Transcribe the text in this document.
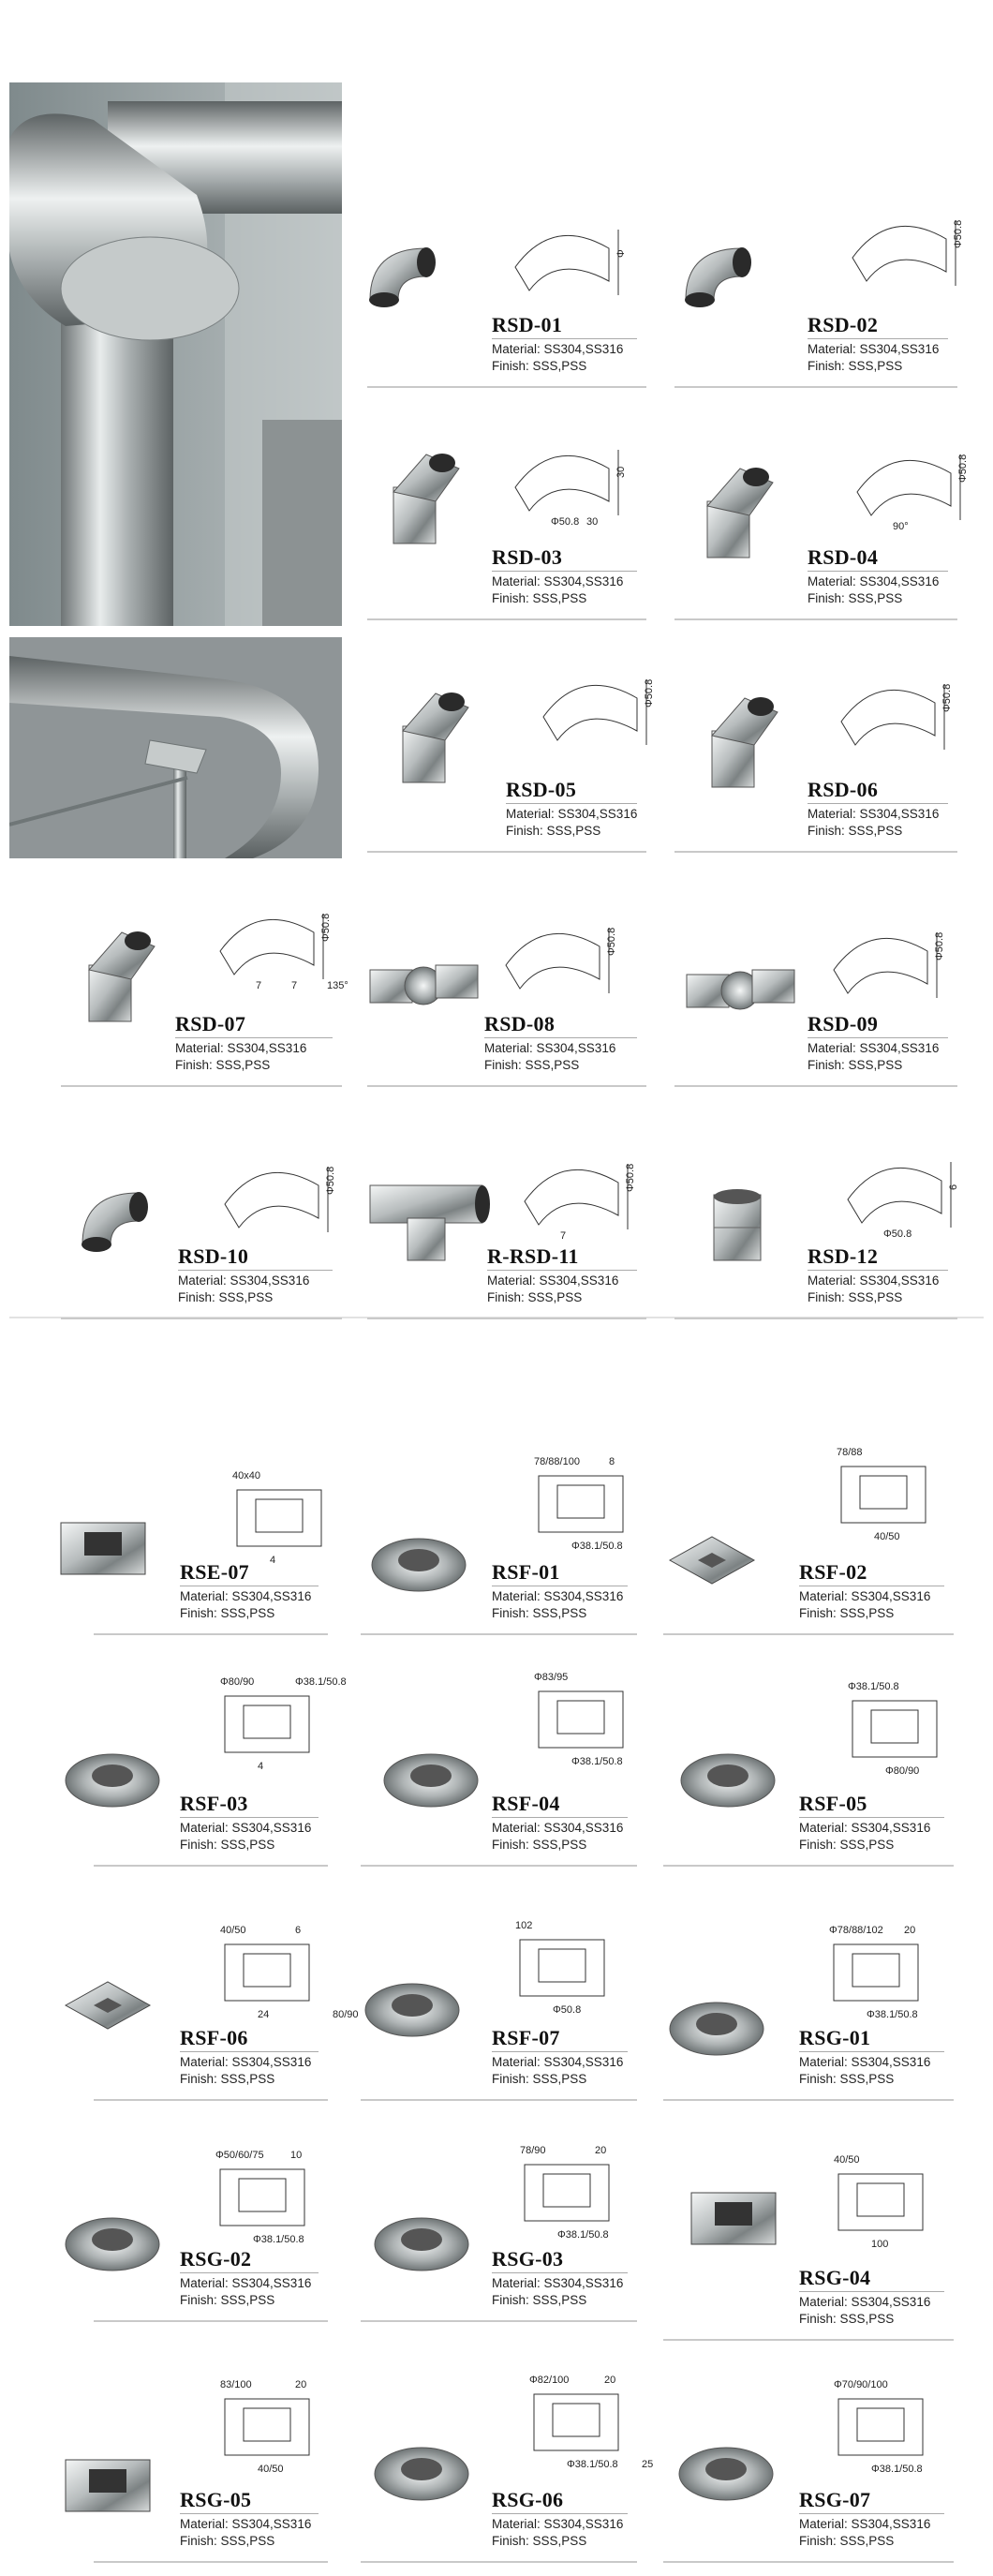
Φ
RSD-01
Material: SS304,SS316
Finish: SSS,PSS
Φ50.8
RSD-02
Material: SS304,SS316
Finish: SSS,PSS
30
Φ50.8 30
RSD-03
Material: SS304,SS316
Finish: SSS,PSS
Φ50.8
90°
RSD-04
Material: SS304,SS316
Finish: SSS,PSS
Φ50.8
RSD-05
Material: SS304,SS316
Finish: SSS,PSS
Φ50.8
RSD-06
Material: SS304,SS316
Finish: SSS,PSS
Φ50.8
7	7	135°
RSD-07
Material: SS304,SS316
Finish: SSS,PSS
Φ50.8
RSD-08
Material: SS304,SS316
Finish: SSS,PSS
Φ50.8
RSD-09
Material: SS304,SS316
Finish: SSS,PSS
Φ50.8
RSD-10
Material: SS304,SS316
Finish: SSS,PSS
Φ50.8
7
R-RSD-11
Material: SS304,SS316
Finish: SSS,PSS
6
Φ50.8
RSD-12
Material: SS304,SS316
Finish: SSS,PSS
40x40
4
RSE-07
Material: SS304,SS316
Finish: SSS,PSS
78/88/100
Φ38.1/50.8
8
RSF-01
Material: SS304,SS316
Finish: SSS,PSS
78/88
40/50
RSF-02
Material: SS304,SS316
Finish: SSS,PSS
Φ80/90
4
Φ38.1/50.8
RSF-03
Material: SS304,SS316
Finish: SSS,PSS
Φ83/95
Φ38.1/50.8
RSF-04
Material: SS304,SS316
Finish: SSS,PSS
Φ38.1/50.8
Φ80/90
RSF-05
Material: SS304,SS316
Finish: SSS,PSS
40/50
24
6
80/90
RSF-06
Material: SS304,SS316
Finish: SSS,PSS
102
Φ50.8
RSF-07
Material: SS304,SS316
Finish: SSS,PSS
Φ78/88/102
Φ38.1/50.8
20
RSG-01
Material: SS304,SS316
Finish: SSS,PSS
Φ50/60/75
Φ38.1/50.8
10
RSG-02
Material: SS304,SS316
Finish: SSS,PSS
78/90
Φ38.1/50.8
20
RSG-03
Material: SS304,SS316
Finish: SSS,PSS
40/50
100
RSG-04
Material: SS304,SS316
Finish: SSS,PSS
83/100
40/50
20
RSG-05
Material: SS304,SS316
Finish: SSS,PSS
Φ82/100
Φ38.1/50.8
20
25
RSG-06
Material: SS304,SS316
Finish: SSS,PSS
Φ70/90/100
Φ38.1/50.8
RSG-07
Material: SS304,SS316
Finish: SSS,PSS
